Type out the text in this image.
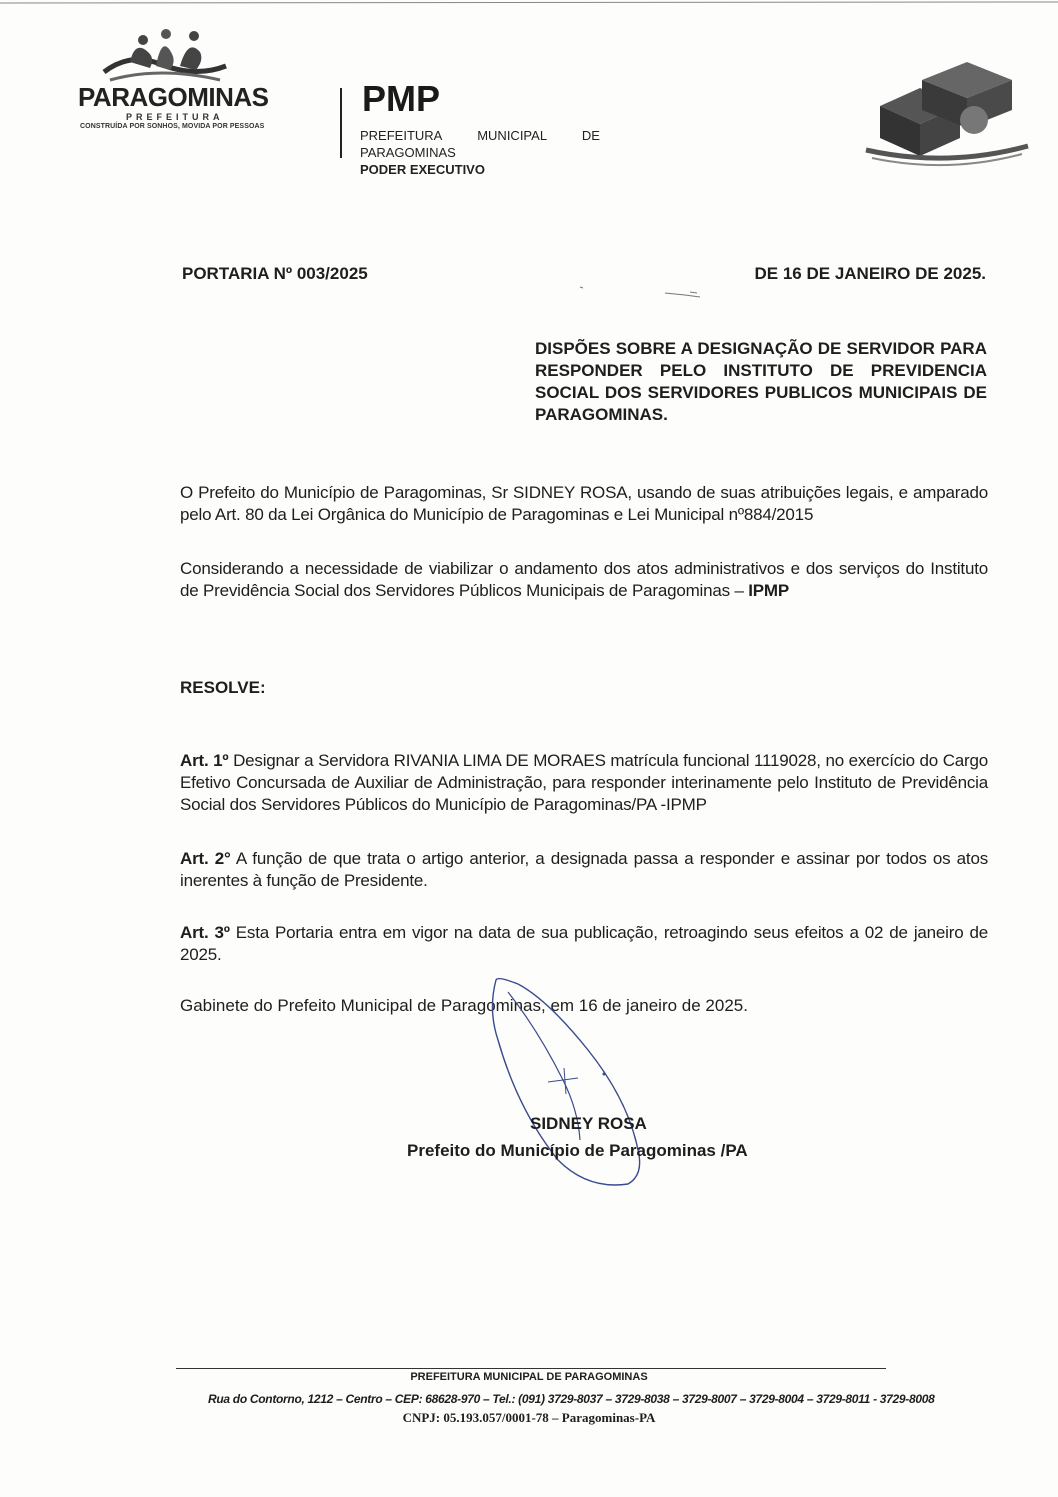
PARAGOMINAS
PREFEITURA
CONSTRUÍDA POR SONHOS, MOVIDA POR PESSOAS
PMP
PREFEITURA	MUNICIPAL	DE
PARAGOMINAS
PODER EXECUTIVO
PORTARIA Nº 003/2025	DE 16 DE JANEIRO DE 2025.
DISPÕES SOBRE A DESIGNAÇÃO DE SERVIDOR PARA RESPONDER PELO INSTITUTO DE PREVIDENCIA SOCIAL DOS SERVIDORES PUBLICOS MUNICIPAIS DE PARAGOMINAS.
O Prefeito do Município de Paragominas, Sr SIDNEY ROSA, usando de suas atribuições legais, e amparado pelo Art. 80 da Lei Orgânica do Município de Paragominas e Lei Municipal nº884/2015
Considerando a necessidade de viabilizar o andamento dos atos administrativos e dos serviços do Instituto de Previdência Social dos Servidores Públicos Municipais de Paragominas – IPMP
RESOLVE:
Art. 1º Designar a Servidora RIVANIA LIMA DE MORAES matrícula funcional 1119028, no exercício do Cargo Efetivo Concursada de Auxiliar de Administração, para responder interinamente pelo Instituto de Previdência Social dos Servidores Públicos do Município de Paragominas/PA -IPMP
Art. 2° A função de que trata o artigo anterior, a designada passa a responder e assinar por todos os atos inerentes à função de Presidente.
Art. 3º Esta Portaria entra em vigor na data de sua publicação, retroagindo seus efeitos a 02 de janeiro de 2025.
Gabinete do Prefeito Municipal de Paragominas, em 16 de janeiro de 2025.
SIDNEY ROSA
Prefeito do Município de Paragominas /PA
PREFEITURA MUNICIPAL DE PARAGOMINAS
Rua do Contorno, 1212 – Centro – CEP: 68628-970 – Tel.: (091) 3729-8037 – 3729-8038 – 3729-8007 – 3729-8004 – 3729-8011 - 3729-8008
CNPJ: 05.193.057/0001-78 – Paragominas-PA
